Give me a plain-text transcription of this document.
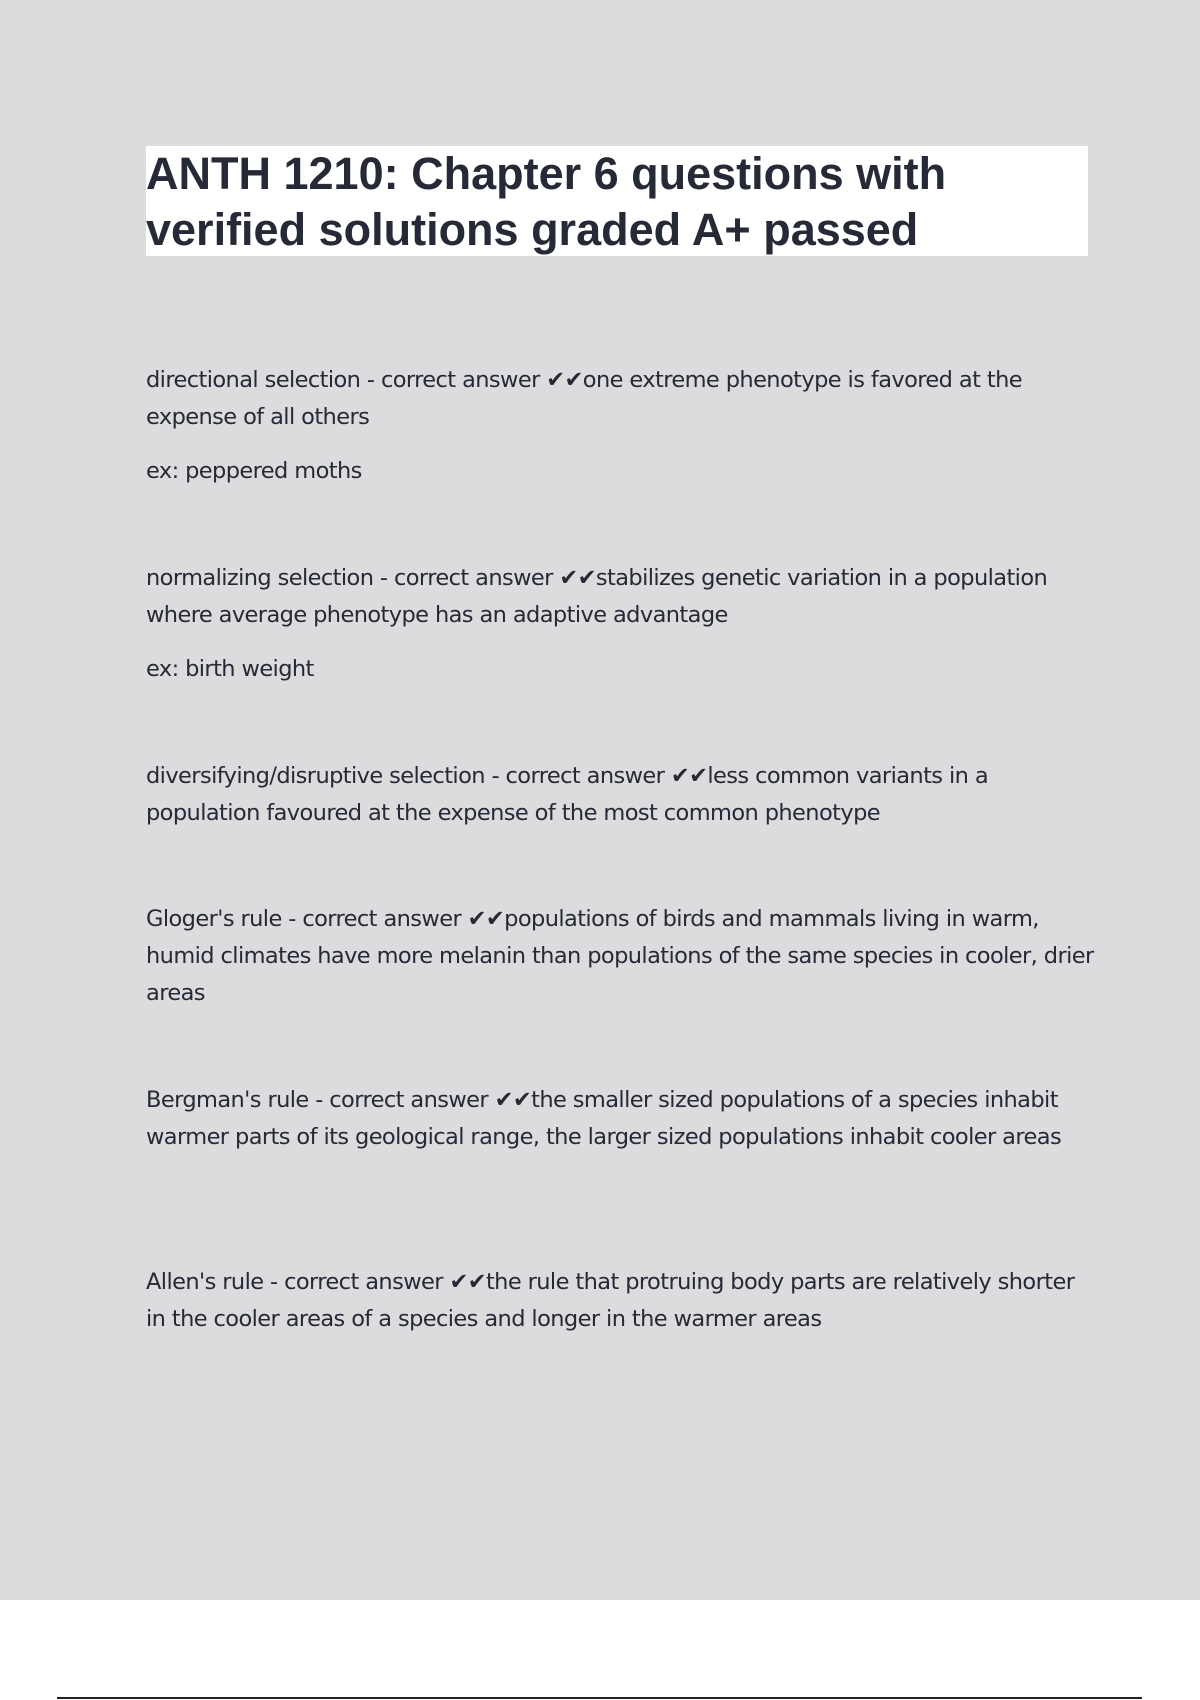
ANTH 1210: Chapter 6 questions with verified solutions graded A+ passed

directional selection - correct answer ✔✔one extreme phenotype is favored at the expense of all others

ex: peppered moths

normalizing selection - correct answer ✔✔stabilizes genetic variation in a population where average phenotype has an adaptive advantage

ex: birth weight

diversifying/disruptive selection - correct answer ✔✔less common variants in a population favoured at the expense of the most common phenotype

Gloger's rule - correct answer ✔✔populations of birds and mammals living in warm, humid climates have more melanin than populations of the same species in cooler, drier areas

Bergman's rule - correct answer ✔✔the smaller sized populations of a species inhabit warmer parts of its geological range, the larger sized populations inhabit cooler areas

Allen's rule - correct answer ✔✔the rule that protruing body parts are relatively shorter in the cooler areas of a species and longer in the warmer areas
